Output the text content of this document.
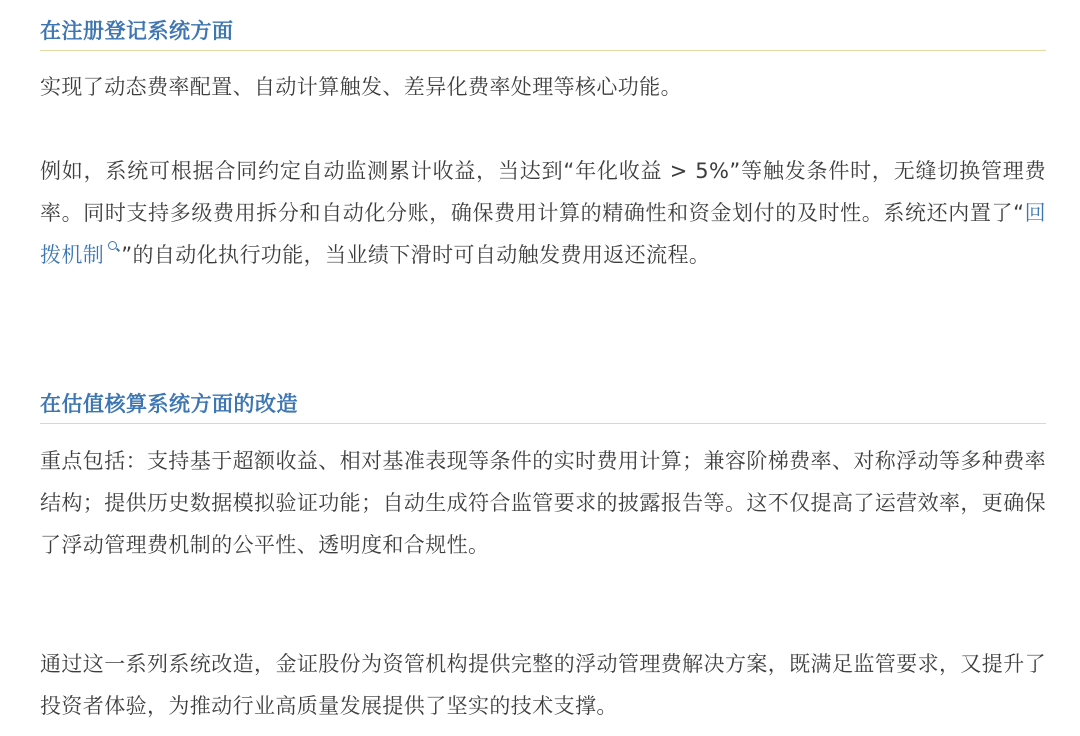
在注册登记系统方面

实现了动态费率配置、自动计算触发、差异化费率处理等核心功能。

例如，系统可根据合同约定自动监测累计收益，当达到“年化收益 > 5%”等触发条件时，无缝切换管理费率。同时支持多级费用拆分和自动化分账，确保费用计算的精确性和资金划付的及时性。系统还内置了“回拨机制 ”的自动化执行功能，当业绩下滑时可自动触发费用返还流程。

在估值核算系统方面的改造

重点包括：支持基于超额收益、相对基准表现等条件的实时费用计算；兼容阶梯费率、对称浮动等多种费率结构；提供历史数据模拟验证功能；自动生成符合监管要求的披露报告等。这不仅提高了运营效率，更确保了浮动管理费机制的公平性、透明度和合规性。

通过这一系列系统改造，金证股份为资管机构提供完整的浮动管理费解决方案，既满足监管要求，又提升了投资者体验，为推动行业高质量发展提供了坚实的技术支撑。
